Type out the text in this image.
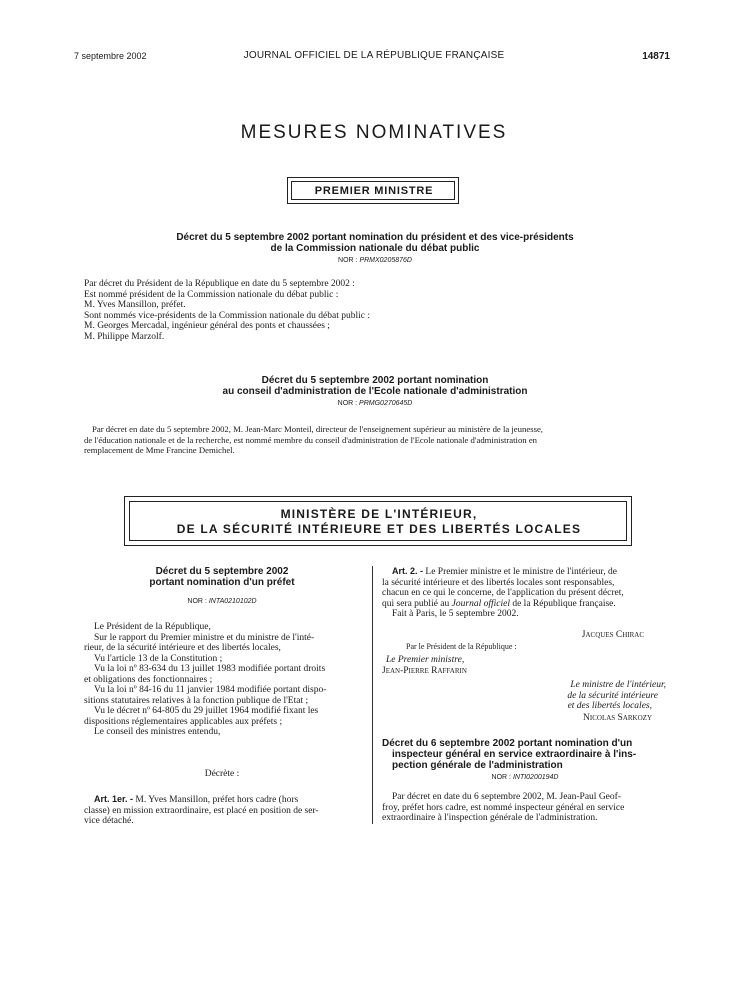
7 septembre 2002	JOURNAL OFFICIEL DE LA RÉPUBLIQUE FRANÇAISE	14871
MESURES NOMINATIVES
PREMIER MINISTRE
Décret du 5 septembre 2002 portant nomination du président et des vice-présidents
de la Commission nationale du débat public
NOR : PRMX0205876D

Par décret du Président de la République en date du 5 septembre 2002 :

Est nommé président de la Commission nationale du débat public :

M. Yves Mansillon, préfet.

Sont nommés vice-présidents de la Commission nationale du débat public :

M. Georges Mercadal, ingénieur général des ponts et chaussées ;

M. Philippe Marzolf.

Décret du 5 septembre 2002 portant nomination
au conseil d'administration de l'Ecole nationale d'administration
NOR : PRMG0270645D

Par décret en date du 5 septembre 2002, M. Jean-Marc Monteil, directeur de l'enseignement supérieur au ministère de la jeunesse,

de l'éducation nationale et de la recherche, est nommé membre du conseil d'administration de l'Ecole nationale d'administration en

remplacement de Mme Francine Demichel.

MINISTÈRE DE L'INTÉRIEUR,
DE LA SÉCURITÉ INTÉRIEURE ET DES LIBERTÉS LOCALES
Décret du 5 septembre 2002
portant nomination d'un préfet
NOR : INTA0210102D

Le Président de la République,

Sur le rapport du Premier ministre et du ministre de l'inté-

rieur, de la sécurité intérieure et des libertés locales,

Vu l'article 13 de la Constitution ;

Vu la loi nº 83-634 du 13 juillet 1983 modifiée portant droits

et obligations des fonctionnaires ;

Vu la loi nº 84-16 du 11 janvier 1984 modifiée portant dispo-

sitions statutaires relatives à la fonction publique de l'Etat ;

Vu le décret nº 64-805 du 29 juillet 1964 modifié fixant les

dispositions réglementaires applicables aux préfets ;

Le conseil des ministres entendu,

Décrète :

Art. 1er. - M. Yves Mansillon, préfet hors cadre (hors

classe) en mission extraordinaire, est placé en position de ser-

vice détaché.

Art. 2. - Le Premier ministre et le ministre de l'intérieur, de

la sécurité intérieure et des libertés locales sont responsables,

chacun en ce qui le concerne, de l'application du présent décret,

qui sera publié au Journal officiel de la République française.

Fait à Paris, le 5 septembre 2002.

Jacques Chirac
Par le Président de la République :
Le Premier ministre,
Jean-Pierre Raffarin
Le ministre de l'intérieur,
de la sécurité intérieure
et des libertés locales,
Nicolas Sarkozy
Décret du 6 septembre 2002 portant nomination d'un
inspecteur général en service extraordinaire à l'ins-
pection générale de l'administration
NOR : INTI0200194D

Par décret en date du 6 septembre 2002, M. Jean-Paul Geof-

froy, préfet hors cadre, est nommé inspecteur général en service

extraordinaire à l'inspection générale de l'administration.
